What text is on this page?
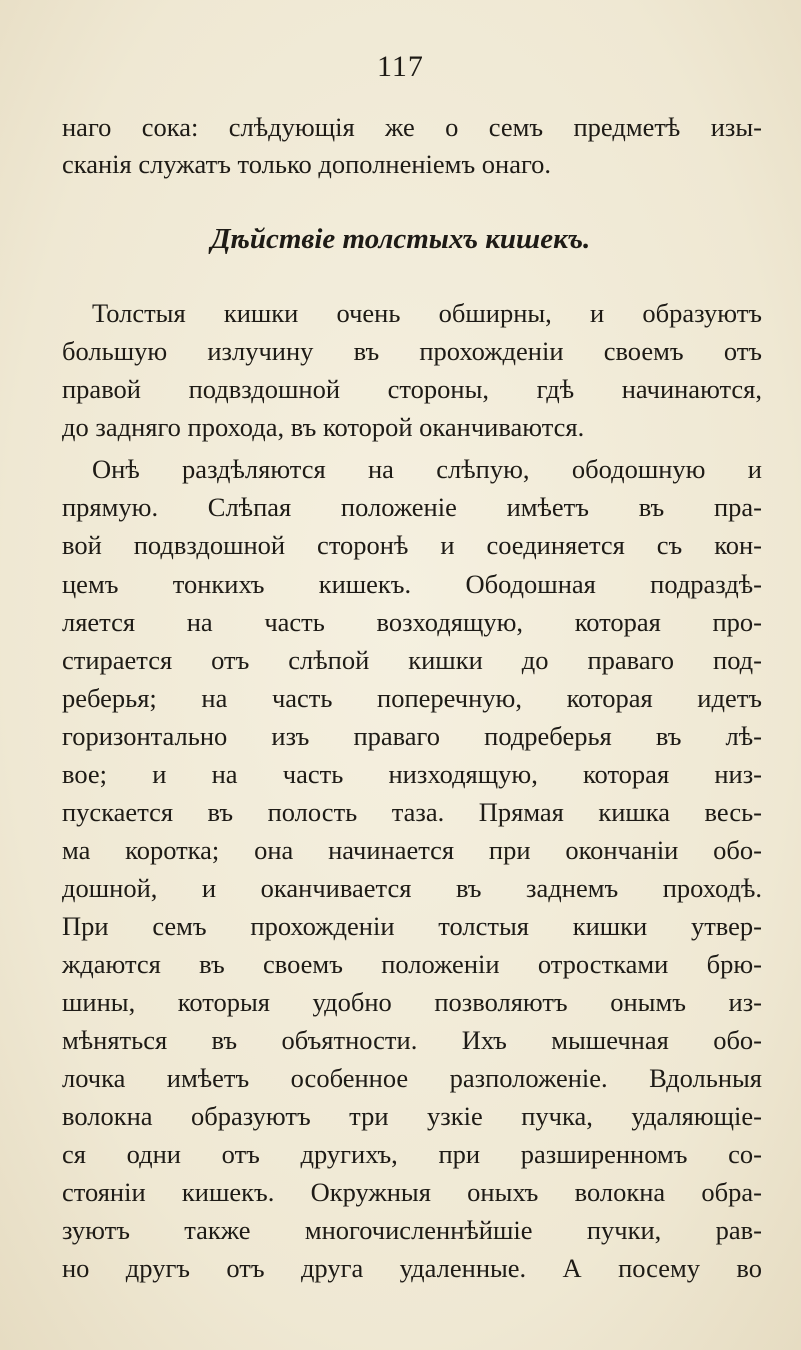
117
наго сока: слѣдующія же о семъ предметѣ изы-
сканія служатъ только дополненіемъ онаго.
Дѣйствіе толстыхъ кишекъ.
Толстыя кишки очень обширны, и образуютъ
большую излучину въ прохожденіи своемъ отъ
правой подвздошной стороны, гдѣ начинаются,
до задняго прохода, въ которой оканчиваются.
Онѣ раздѣляются на слѣпую, ободошную и
прямую. Слѣпая положеніе имѣетъ въ пра-
вой подвздошной сторонѣ и соединяется съ кон-
цемъ тонкихъ кишекъ. Ободошная подраздѣ-
ляется на часть возходящую, которая про-
стирается отъ слѣпой кишки до праваго под-
реберья; на часть поперечную, которая идетъ
горизонтально изъ праваго подреберья въ лѣ-
вое; и на часть низходящую, которая низ-
пускается въ полость таза. Прямая кишка весь-
ма коротка; она начинается при окончаніи обо-
дошной, и оканчивается въ заднемъ проходѣ.
При семъ прохожденіи толстыя кишки утвер-
ждаются въ своемъ положеніи отростками брю-
шины, которыя удобно позволяютъ онымъ из-
мѣняться въ объятности. Ихъ мышечная обо-
лочка имѣетъ особенное разположеніе. Вдольныя
волокна образуютъ три узкіе пучка, удаляющіе-
ся одни отъ другихъ, при разширенномъ со-
стояніи кишекъ. Окружныя оныхъ волокна обра-
зуютъ также многочисленнѣйшіе пучки, рав-
но другъ отъ друга удаленные. А посему во
